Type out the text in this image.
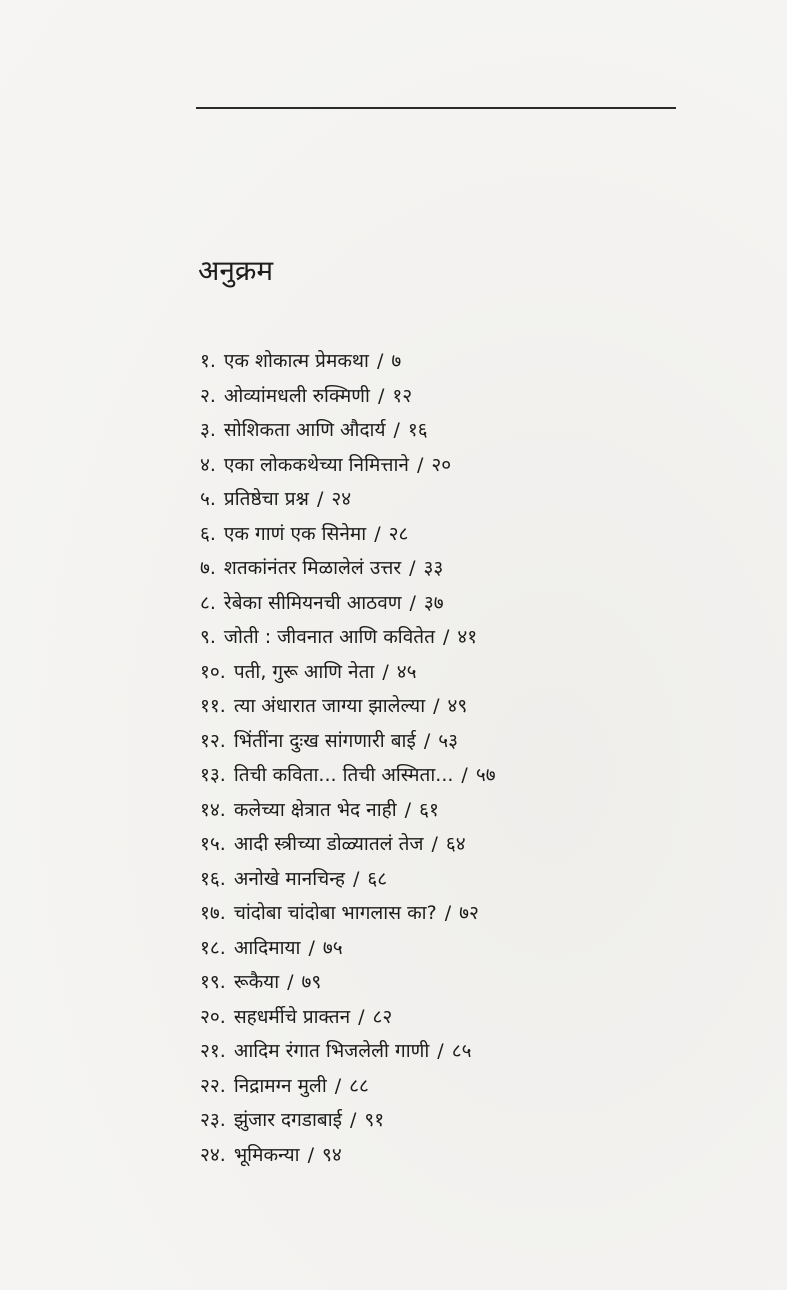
अनुक्रम
१. एक शोकात्म प्रेमकथा / ७
२. ओव्यांमधली रुक्मिणी / १२
३. सोशिकता आणि औदार्य / १६
४. एका लोककथेच्या निमित्ताने / २०
५. प्रतिष्ठेचा प्रश्न / २४
६. एक गाणं एक सिनेमा / २८
७. शतकांनंतर मिळालेलं उत्तर / ३३
८. रेबेका सीमियनची आठवण / ३७
९. जोती : जीवनात आणि कवितेत / ४१
१०. पती, गुरू आणि नेता / ४५
११. त्या अंधारात जाग्या झालेल्या / ४९
१२. भिंतींना दुःख सांगणारी बाई / ५३
१३. तिची कविता... तिची अस्मिता... / ५७
१४. कलेच्या क्षेत्रात भेद नाही / ६१
१५. आदी स्त्रीच्या डोळ्यातलं तेज / ६४
१६. अनोखे मानचिन्ह / ६८
१७. चांदोबा चांदोबा भागलास का? / ७२
१८. आदिमाया / ७५
१९. रूकैया / ७९
२०. सहधर्मीचे प्राक्तन / ८२
२१. आदिम रंगात भिजलेली गाणी / ८५
२२. निद्रामग्न मुली / ८८
२३. झुंजार दगडाबाई / ९१
२४. भूमिकन्या / ९४
